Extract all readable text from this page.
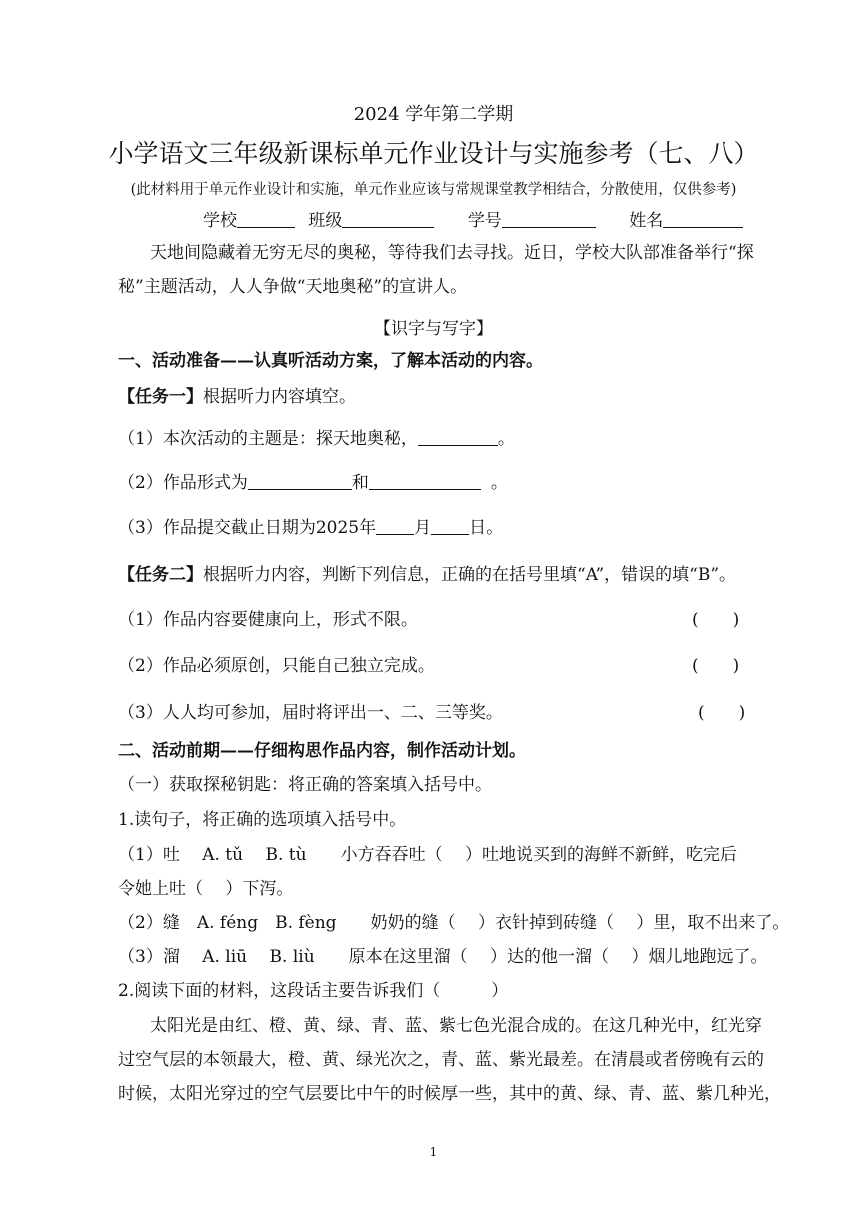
2024 学年第二学期
小学语文三年级新课标单元作业设计与实施参考（七、八）
(此材料用于单元作业设计和实施，单元作业应该与常规课堂教学相结合，分散使用，仅供参考)
学校	班级	学号	姓名
天地间隐藏着无穷无尽的奥秘，等待我们去寻找。近日，学校大队部准备举行“探
秘”主题活动，人人争做“天地奥秘”的宣讲人。
【识字与写字】
一、活动准备——认真听活动方案，了解本活动的内容。
【任务一】根据听力内容填空。
（1）本次活动的主题是：探天地奥秘，	。
（2）作品形式为	和	。
（3）作品提交截止日期为2025年 月 日。
【任务二】根据听力内容，判断下列信息，正确的在括号里填“A”，错误的填“B”。
（1）作品内容要健康向上，形式不限。	(　　)
（2）作品必须原创，只能自己独立完成。	(　　)
（3）人人均可参加，届时将评出一、二、三等奖。	(　　)
二、活动前期——仔细构思作品内容，制作活动计划。
（一）获取探秘钥匙：将正确的答案填入括号中。
1.读句子，将正确的选项填入括号中。
（1）吐　 A. tǔ　 B. tù　　小方吞吞吐（　 ）吐地说买到的海鲜不新鲜，吃完后
令她上吐（　 ）下泻。
（2）缝　A. féng　B. fèng　　奶奶的缝（　 ）衣针掉到砖缝（　 ）里，取不出来了。
（3）溜　 A. liū　 B. liù　　原本在这里溜（　 ）达的他一溜（　 ）烟儿地跑远了。
2.阅读下面的材料，这段话主要告诉我们（　　　）
太阳光是由红、橙、黄、绿、青、蓝、紫七色光混合成的。在这几种光中，红光穿
过空气层的本领最大，橙、黄、绿光次之，青、蓝、紫光最差。在清晨或者傍晚有云的
时候，太阳光穿过的空气层要比中午的时候厚一些，其中的黄、绿、青、蓝、紫几种光，
1
